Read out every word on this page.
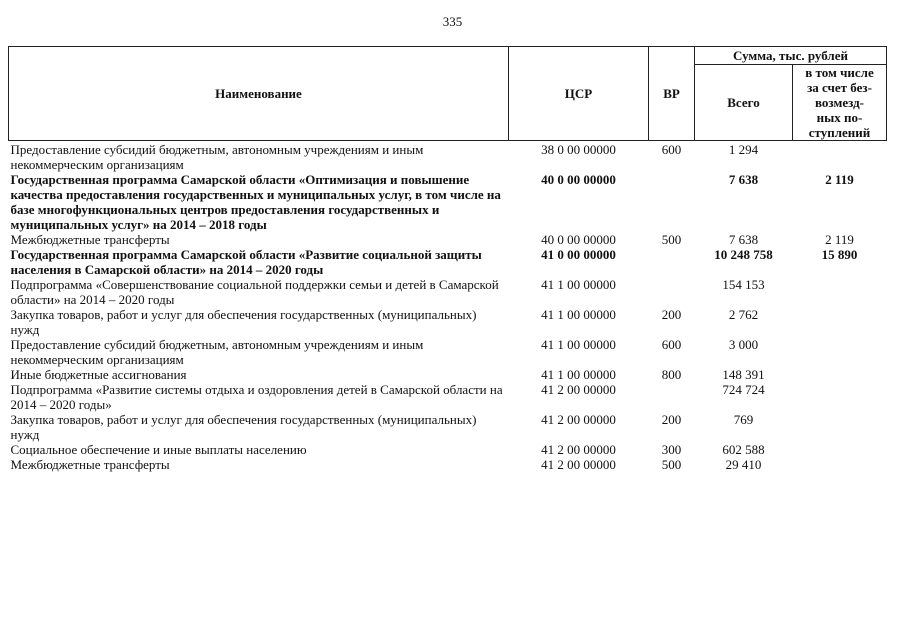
335
Наименование	ЦСР	ВР	Сумма, тыс. рублей	
			Всего	в том числе
за счет без-
возмезд-
ных по-
ступлений

Предоставление субсидий бюджетным, автономным учреждениям и иным некоммерческим организациям	38 0 00 00000	600	1 294	
Государственная программа Самарской области «Оптимизация и повышение качества предоставления государственных и муниципальных услуг, в том числе на базе многофункциональных центров предоставления государственных и муниципальных услуг» на 2014 – 2018 годы	40 0 00 00000		7 638	2 119
Межбюджетные трансферты	40 0 00 00000	500	7 638	2 119
Государственная программа Самарской области «Развитие социальной защиты населения в Самарской области» на 2014 – 2020 годы	41 0 00 00000		10 248 758	15 890
Подпрограмма «Совершенствование социальной поддержки семьи и детей в Самарской области» на 2014 – 2020 годы	41 1 00 00000		154 153	
Закупка товаров, работ и услуг для обеспечения государственных (муниципальных) нужд	41 1 00 00000	200	2 762	
Предоставление субсидий бюджетным, автономным учреждениям и иным некоммерческим организациям	41 1 00 00000	600	3 000	
Иные бюджетные ассигнования	41 1 00 00000	800	148 391	
Подпрограмма «Развитие системы отдыха и оздоровления детей в Самарской области на 2014 – 2020 годы»	41 2 00 00000		724 724	
Закупка товаров, работ и услуг для обеспечения государственных (муниципальных) нужд	41 2 00 00000	200	769	
Социальное обеспечение и иные выплаты населению	41 2 00 00000	300	602 588	
Межбюджетные трансферты	41 2 00 00000	500	29 410	
